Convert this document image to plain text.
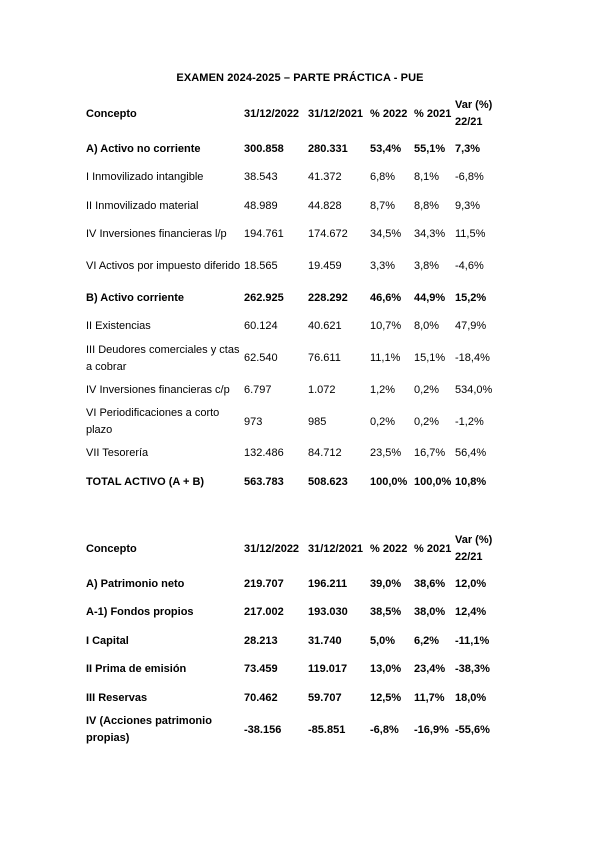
EXAMEN 2024-2025 – PARTE PRÁCTICA - PUE
Concepto	31/12/2022	31/12/2021	% 2022	% 2021	Var (%) 22/21
A) Activo no corriente	300.858	280.331	53,4%	55,1%	7,3%
I Inmovilizado intangible	38.543	41.372	6,8%	8,1%	-6,8%
II Inmovilizado material	48.989	44.828	8,7%	8,8%	9,3%
IV Inversiones financieras l/p	194.761	174.672	34,5%	34,3%	11,5%
VI Activos por impuesto diferido	18.565	19.459	3,3%	3,8%	-4,6%
B) Activo corriente	262.925	228.292	46,6%	44,9%	15,2%
II Existencias	60.124	40.621	10,7%	8,0%	47,9%
III Deudores comerciales y ctas a cobrar	62.540	76.611	11,1%	15,1%	-18,4%
IV Inversiones financieras c/p	6.797	1.072	1,2%	0,2%	534,0%
VI Periodificaciones a corto plazo	973	985	0,2%	0,2%	-1,2%
VII Tesorería	132.486	84.712	23,5%	16,7%	56,4%
TOTAL ACTIVO (A + B)	563.783	508.623	100,0%	100,0%	10,8%
Concepto	31/12/2022	31/12/2021	% 2022	% 2021	Var (%) 22/21
A) Patrimonio neto	219.707	196.211	39,0%	38,6%	12,0%
A-1) Fondos propios	217.002	193.030	38,5%	38,0%	12,4%
I Capital	28.213	31.740	5,0%	6,2%	-11,1%
II Prima de emisión	73.459	119.017	13,0%	23,4%	-38,3%
III Reservas	70.462	59.707	12,5%	11,7%	18,0%
IV (Acciones patrimonio propias)	-38.156	-85.851	-6,8%	-16,9%	-55,6%
